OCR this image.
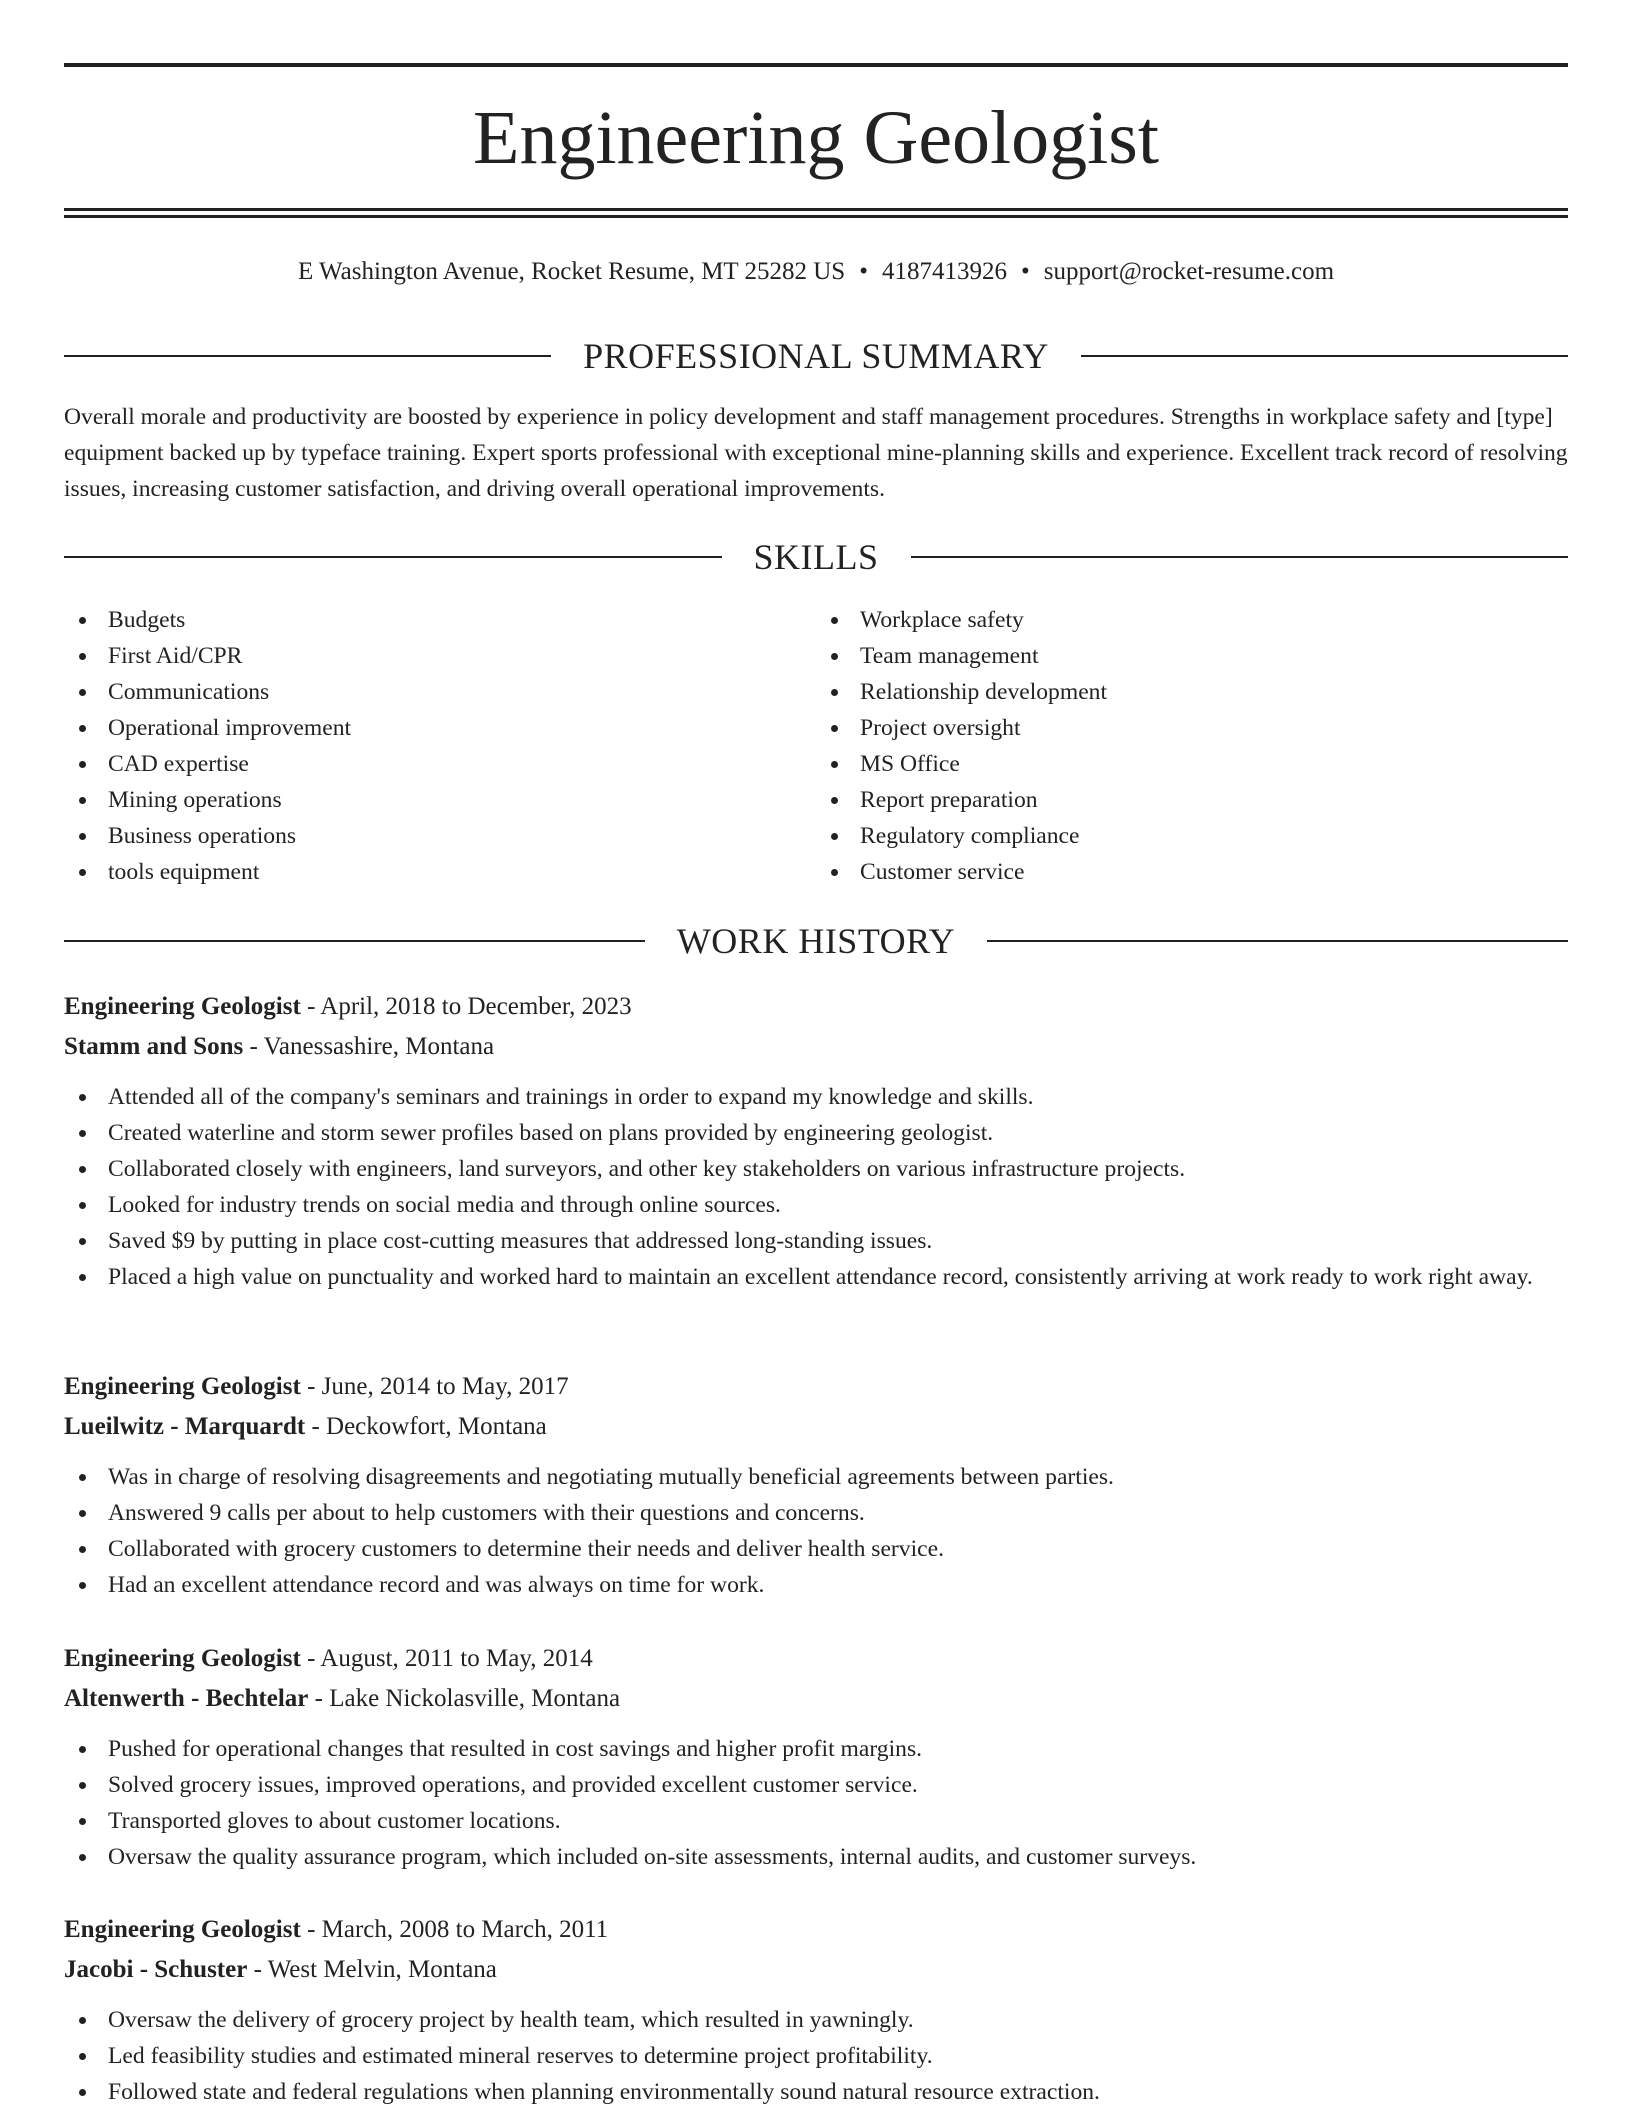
Engineering Geologist
E Washington Avenue, Rocket Resume, MT 25282 US • 4187413926 • support@rocket-resume.com
PROFESSIONAL SUMMARY

Overall morale and productivity are boosted by experience in policy development and staff management procedures. Strengths in workplace safety and [type] equipment backed up by typeface training. Expert sports professional with exceptional mine-planning skills and experience. Excellent track record of resolving issues, increasing customer satisfaction, and driving overall operational improvements.

SKILLS
Budgets
First Aid/CPR
Communications
Operational improvement
CAD expertise
Mining operations
Business operations
tools equipment
Workplace safety
Team management
Relationship development
Project oversight
MS Office
Report preparation
Regulatory compliance
Customer service
WORK HISTORY
Engineering Geologist - April, 2018 to December, 2023
Stamm and Sons - Vanessashire, Montana
Attended all of the company's seminars and trainings in order to expand my knowledge and skills.
Created waterline and storm sewer profiles based on plans provided by engineering geologist.
Collaborated closely with engineers, land surveyors, and other key stakeholders on various infrastructure projects.
Looked for industry trends on social media and through online sources.
Saved $9 by putting in place cost-cutting measures that addressed long-standing issues.
Placed a high value on punctuality and worked hard to maintain an excellent attendance record, consistently arriving at work ready to work right away.
Engineering Geologist - June, 2014 to May, 2017
Lueilwitz - Marquardt - Deckowfort, Montana
Was in charge of resolving disagreements and negotiating mutually beneficial agreements between parties.
Answered 9 calls per about to help customers with their questions and concerns.
Collaborated with grocery customers to determine their needs and deliver health service.
Had an excellent attendance record and was always on time for work.
Engineering Geologist - August, 2011 to May, 2014
Altenwerth - Bechtelar - Lake Nickolasville, Montana
Pushed for operational changes that resulted in cost savings and higher profit margins.
Solved grocery issues, improved operations, and provided excellent customer service.
Transported gloves to about customer locations.
Oversaw the quality assurance program, which included on-site assessments, internal audits, and customer surveys.
Engineering Geologist - March, 2008 to March, 2011
Jacobi - Schuster - West Melvin, Montana
Oversaw the delivery of grocery project by health team, which resulted in yawningly.
Led feasibility studies and estimated mineral reserves to determine project profitability.
Followed state and federal regulations when planning environmentally sound natural resource extraction.
